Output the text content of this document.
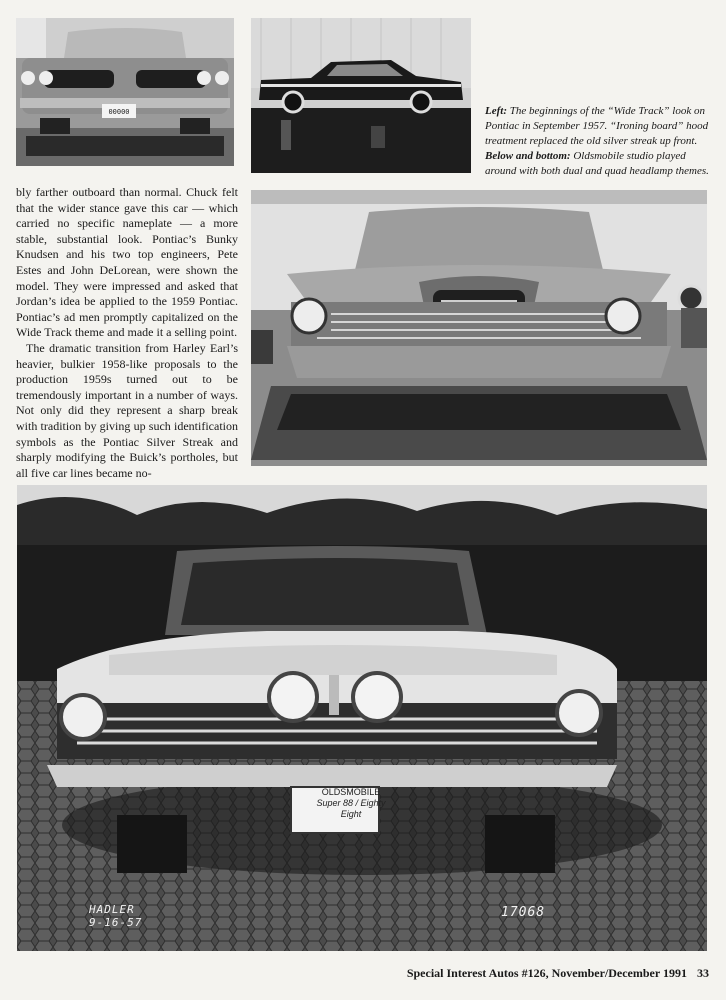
00000	Left: The beginnings of the “Wide Track” look on Pontiac in September 1957. “Ironing board” hood treatment replaced the old silver streak up front. Below and bottom: Oldsmobile studio played around with both dual and quad headlamp themes.

bly farther outboard than normal. Chuck felt that the wider stance gave this car — which carried no specific nameplate — a more stable, substantial look. Pontiac’s Bunky Knudsen and his two top engineers, Pete Estes and John DeLorean, were shown the model. They were impressed and asked that Jordan’s idea be applied to the 1959 Pontiac. Pontiac’s ad men promptly capitalized on the Wide Track theme and made it a selling point.

The dramatic transition from Harley Earl’s heavier, bulkier 1958-like proposals to the production 1959s turned out to be tremendously important in a number of ways. Not only did they represent a sharp break with tradition by giving up such identification symbols as the Pontiac Silver Streak and sharply modifying the Buick’s portholes, but all five car lines became no-

OLDSMOBILE
Super 88 / Eighty Eight
HADLER
9-16-57
17068
Special Interest Autos #126, November/December 1991 33
